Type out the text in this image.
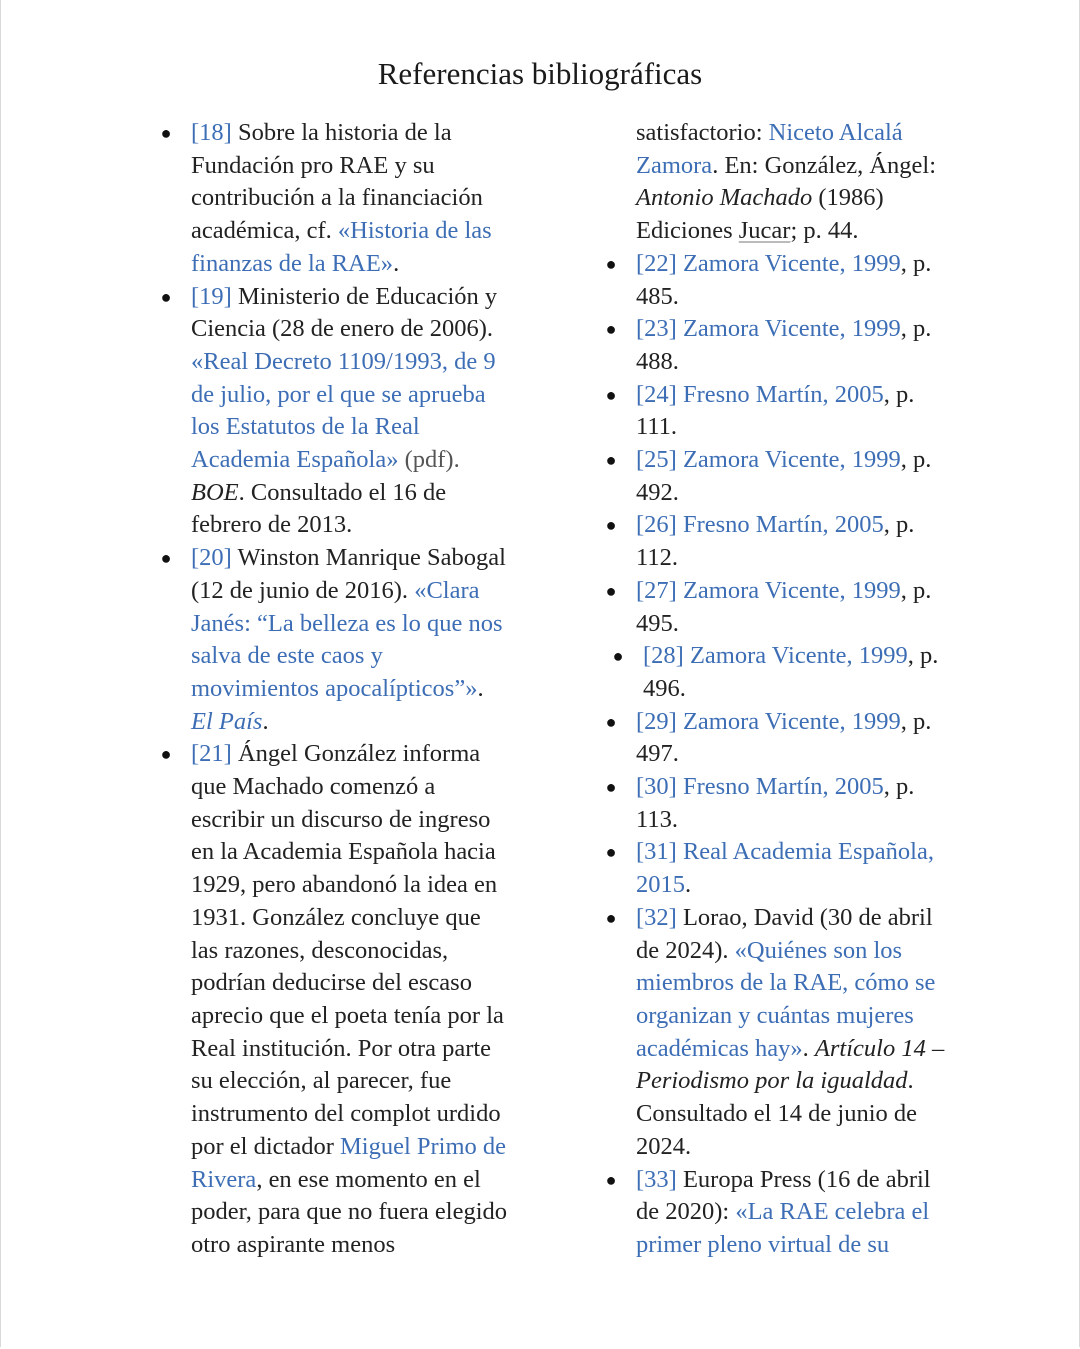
Referencias bibliográficas
● [18] Sobre la historia de la Fundación pro RAE y su contribución a la financiación académica, cf. «Historia de las finanzas de la RAE».
● [19] Ministerio de Educación y Ciencia (28 de enero de 2006). «Real Decreto 1109/1993, de 9 de julio, por el que se aprueba los Estatutos de la Real Academia Española» (pdf). BOE. Consultado el 16 de febrero de 2013.
● [20] Winston Manrique Sabogal (12 de junio de 2016). «Clara Janés: “La belleza es lo que nos salva de este caos y movimientos apocalípticos”». El País.
● [21] Ángel González informa que Machado comenzó a escribir un discurso de ingreso en la Academia Española hacia 1929, pero abandonó la idea en 1931. González concluye que las razones, desconocidas, podrían deducirse del escaso aprecio que el poeta tenía por la Real institución. Por otra parte su elección, al parecer, fue instrumento del complot urdido por el dictador Miguel Primo de Rivera, en ese momento en el poder, para que no fuera elegido otro aspirante menos
satisfactorio: Niceto Alcalá Zamora. En: González, Ángel: Antonio Machado (1986) Ediciones Jucar; p. 44.
● [22] Zamora Vicente, 1999, p. 485.
● [23] Zamora Vicente, 1999, p. 488.
● [24] Fresno Martín, 2005, p. 111.
● [25] Zamora Vicente, 1999, p. 492.
● [26] Fresno Martín, 2005, p. 112.
● [27] Zamora Vicente, 1999, p. 495.
● [28] Zamora Vicente, 1999, p. 496.
● [29] Zamora Vicente, 1999, p. 497.
● [30] Fresno Martín, 2005, p. 113.
● [31] Real Academia Española, 2015.
● [32] Lorao, David (30 de abril de 2024). «Quiénes son los miembros de la RAE, cómo se organizan y cuántas mujeres académicas hay». Artículo 14 – Periodismo por la igualdad. Consultado el 14 de junio de 2024.
● [33] Europa Press (16 de abril de 2020): «La RAE celebra el primer pleno virtual de su
